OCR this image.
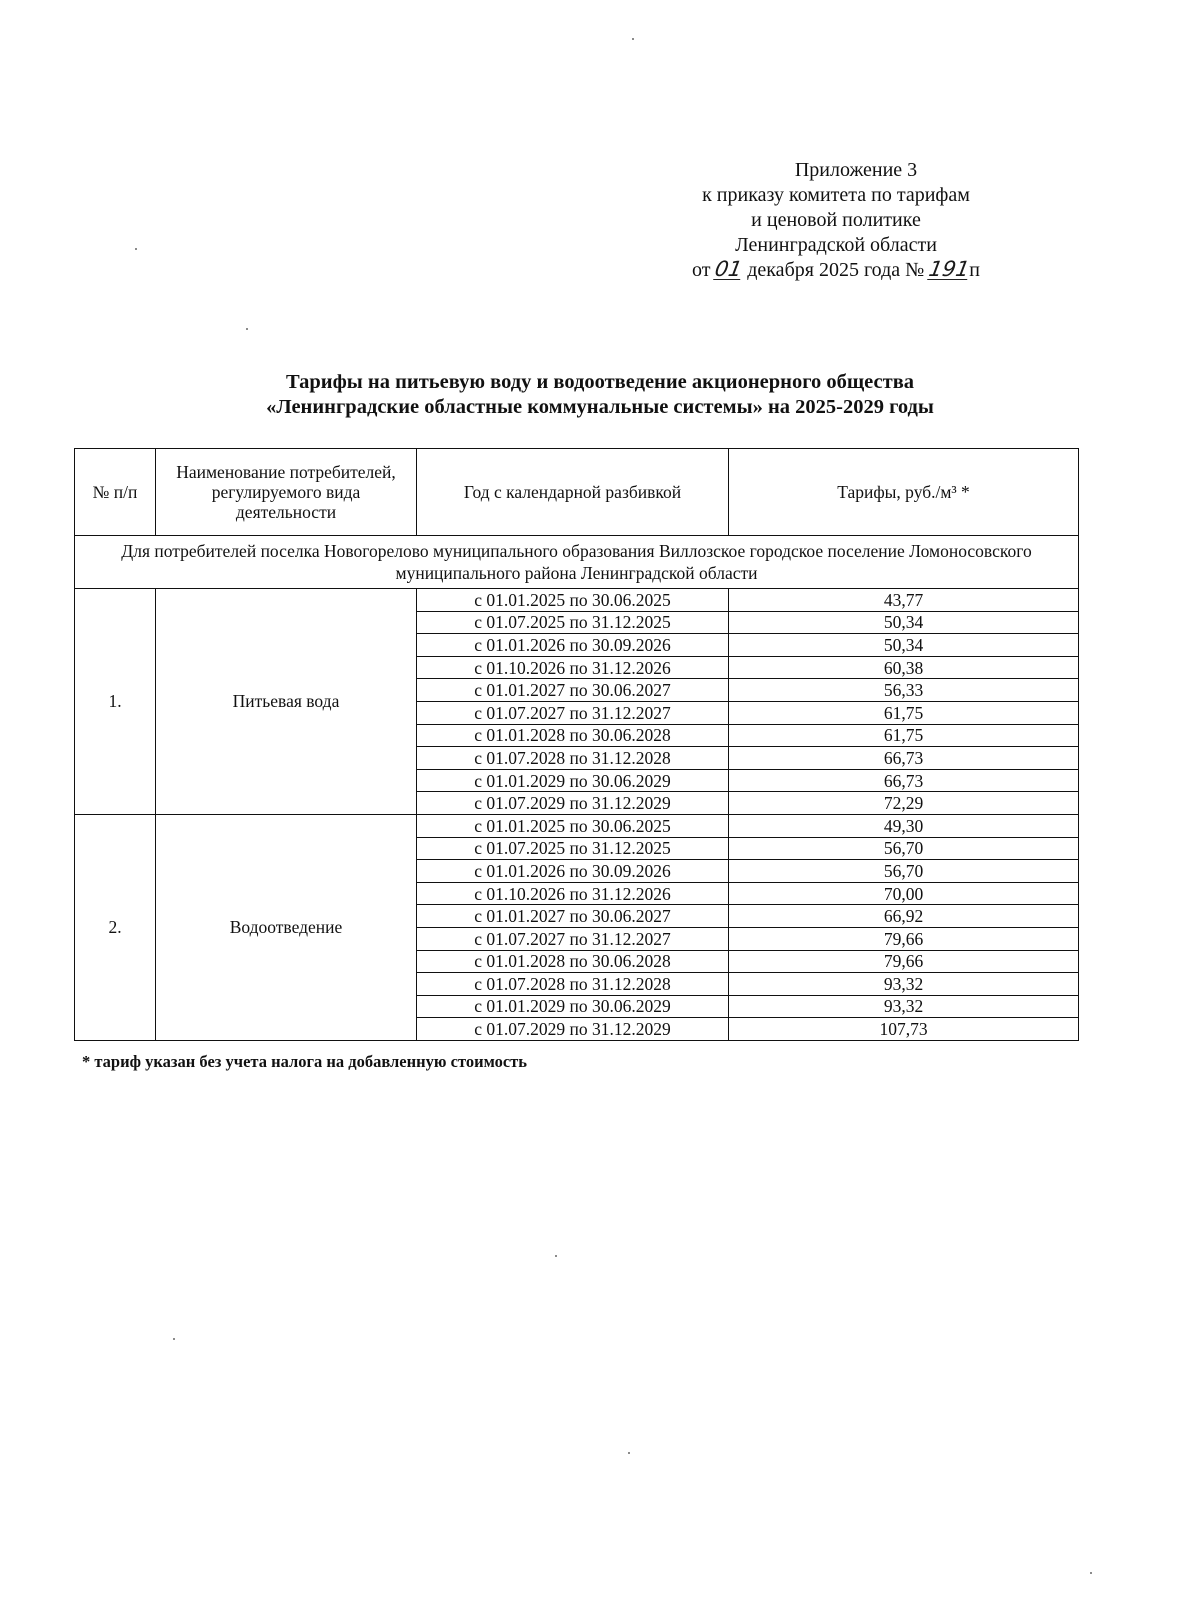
Приложение 3
к приказу комитета по тарифам
и ценовой политике
Ленинградской области
от 01 декабря 2025 года № 191п
Тарифы на питьевую воду и водоотведение акционерного общества
«Ленинградские областные коммунальные системы» на 2025-2029 годы
№ п/п	Наименование потребителей, регулируемого вида деятельности	Год с календарной разбивкой	Тарифы, руб./м³ *
Для потребителей поселка Новогорелово муниципального образования Виллозское городское поселение Ломоносовского муниципального района Ленинградской области			
1.	Питьевая вода	с 01.01.2025 по 30.06.2025	43,77
		с 01.07.2025 по 31.12.2025	50,34
		с 01.01.2026 по 30.09.2026	50,34
		с 01.10.2026 по 31.12.2026	60,38
		с 01.01.2027 по 30.06.2027	56,33
		с 01.07.2027 по 31.12.2027	61,75
		с 01.01.2028 по 30.06.2028	61,75
		с 01.07.2028 по 31.12.2028	66,73
		с 01.01.2029 по 30.06.2029	66,73
		с 01.07.2029 по 31.12.2029	72,29
2.	Водоотведение	с 01.01.2025 по 30.06.2025	49,30
		с 01.07.2025 по 31.12.2025	56,70
		с 01.01.2026 по 30.09.2026	56,70
		с 01.10.2026 по 31.12.2026	70,00
		с 01.01.2027 по 30.06.2027	66,92
		с 01.07.2027 по 31.12.2027	79,66
		с 01.01.2028 по 30.06.2028	79,66
		с 01.07.2028 по 31.12.2028	93,32
		с 01.01.2029 по 30.06.2029	93,32
		с 01.07.2029 по 31.12.2029	107,73
* тариф указан без учета налога на добавленную стоимость
